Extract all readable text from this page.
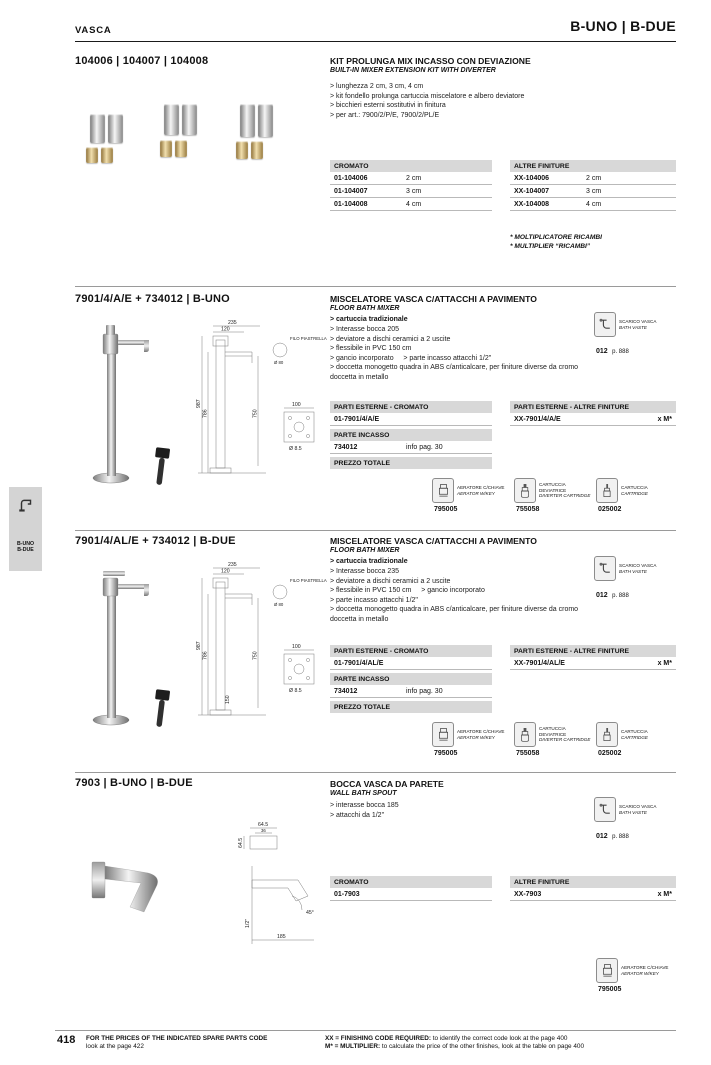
VASCA	B-UNO | B-DUE
B-UNO
B-DUE
104006 | 104007 | 104008	KIT PROLUNGA MIX INCASSO CON DEVIAZIONE
BUILT-IN MIXER EXTENSION KIT WITH DIVERTER
> lunghezza 2 cm, 3 cm, 4 cm
> kit fondello prolunga cartuccia miscelatore e albero deviatore
> bicchieri esterni sostitutivi in finitura
> per art.: 7900/2/P/E, 7900/2/PL/E
CROMATO
01-104006	2 cm
01-104007	3 cm
01-104008	4 cm
ALTRE FINITURE
XX-104006	2 cm
XX-104007	3 cm
XX-104008	4 cm
* MOLTIPLICATORE RICAMBI
* MULTIPLIER “RICAMBI”
7901/4/A/E + 734012 | B-UNO
235
120
FILO PIASTRELLA
Ø 80
987
786	750
100
Ø 8.5
MISCELATORE VASCA C/ATTACCHI A PAVIMENTO
FLOOR BATH MIXER
> cartuccia tradizionale
> Interasse bocca 205
> deviatore a dischi ceramici a 2 uscite
> flessibile in PVC 150 cm
> gancio incorporato     > parte incasso attacchi 1/2"
> doccetta monogetto quadra in ABS c/anticalcare, per finiture diverse da cromo doccetta in metallo
SCARICO VASCA
BATH VASTE
012 p. 888
PARTI ESTERNE - CROMATO
01-7901/4/A/E
PARTI ESTERNE - ALTRE FINITURE
XX-7901/4/A/E	x M*
PARTE INCASSO
734012	info pag. 30
PREZZO TOTALE
AERATORE C/CHIAVE
AERATOR W/KEY
795005
CARTUCCIA
DEVIATRICE
DIVERTER CARTRIDGE
755058
CARTUCCIA
CARTRIDGE
025002
7901/4/AL/E + 734012 | B-DUE
235
120
FILO PIASTRELLA
Ø 80
987
786	750
100
Ø 8.5
150
MISCELATORE VASCA C/ATTACCHI A PAVIMENTO
FLOOR BATH MIXER
> cartuccia tradizionale
> Interasse bocca 235
> deviatore a dischi ceramici a 2 uscite
> flessibile in PVC 150 cm     > gancio incorporato
> parte incasso attacchi 1/2"
> doccetta monogetto quadra in ABS c/anticalcare, per finiture diverse da cromo doccetta in metallo
SCARICO VASCA
BATH VASTE
012 p. 888
PARTI ESTERNE - CROMATO
01-7901/4/AL/E
PARTI ESTERNE - ALTRE FINITURE
XX-7901/4/AL/E	x M*
PARTE INCASSO
734012	info pag. 30
PREZZO TOTALE
AERATORE C/CHIAVE
AERATOR W/KEY
795005
CARTUCCIA
DEVIATRICE
DIVERTER CARTRIDGE
755058
CARTUCCIA
CARTRIDGE
025002
7903 | B-UNO | B-DUE	BOCCA VASCA DA PARETE
WALL BATH SPOUT
> interasse bocca 185
> attacchi da 1/2"
SCARICO VASCA
BATH VASTE
012 p. 888
64.5
36
64.5
185
45°
1/2"
CROMATO
01-7903
ALTRE FINITURE
XX-7903	x M*
AERATORE C/CHIAVE
AERATOR W/KEY
795005
418 FOR THE PRICES OF THE INDICATED SPARE PARTS CODE
look at the page 422
XX = FINISHING CODE REQUIRED: to identify the correct code look at the page 400
M* = MULTIPLIER: to calculate the price of the other finishes, look at the table on page 400
